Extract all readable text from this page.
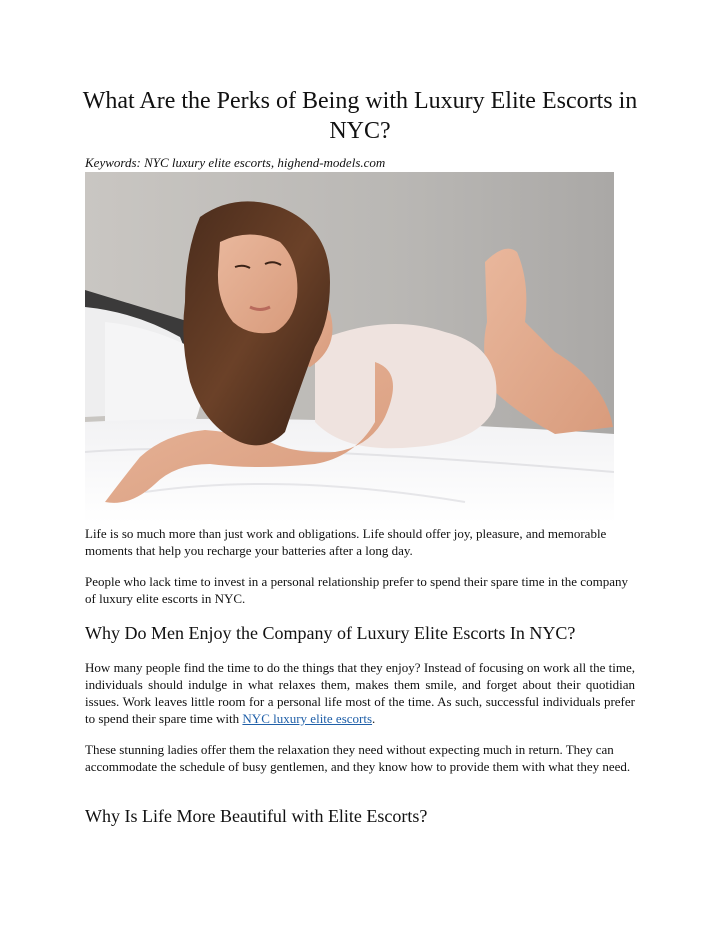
What Are the Perks of Being with Luxury Elite Escorts in NYC?

Keywords: NYC luxury elite escorts, highend-models.com

Life is so much more than just work and obligations. Life should offer joy, pleasure, and memorable moments that help you recharge your batteries after a long day.

People who lack time to invest in a personal relationship prefer to spend their spare time in the company of luxury elite escorts in NYC.

Why Do Men Enjoy the Company of Luxury Elite Escorts In NYC?

How many people find the time to do the things that they enjoy? Instead of focusing on work all the time, individuals should indulge in what relaxes them, makes them smile, and forget about their quotidian issues. Work leaves little room for a personal life most of the time. As such, successful individuals prefer to spend their spare time with NYC luxury elite escorts.

These stunning ladies offer them the relaxation they need without expecting much in return. They can accommodate the schedule of busy gentlemen, and they know how to provide them with what they need.

Why Is Life More Beautiful with Elite Escorts?
